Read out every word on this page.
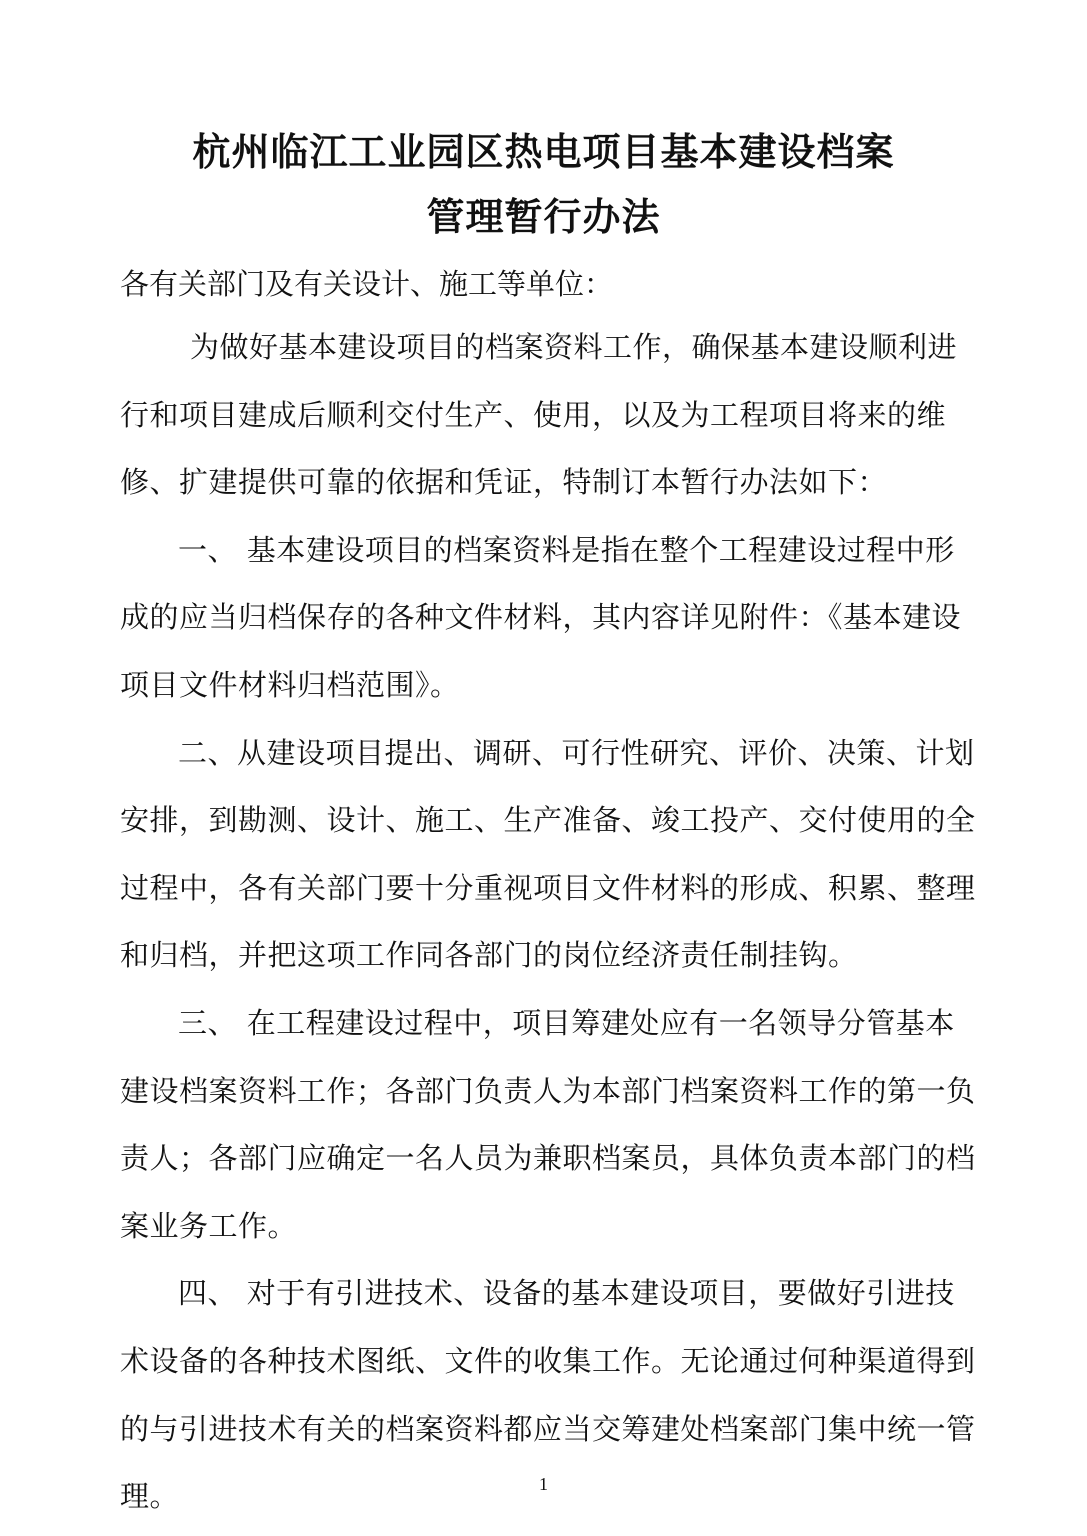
杭州临江工业园区热电项目基本建设档案
管理暂行办法
各有关部门及有关设计、施工等单位：

为做好基本建设项目的档案资料工作，确保基本建设顺利进行和项目建成后顺利交付生产、使用，以及为工程项目将来的维修、扩建提供可靠的依据和凭证，特制订本暂行办法如下：

一、 基本建设项目的档案资料是指在整个工程建设过程中形成的应当归档保存的各种文件材料，其内容详见附件：《基本建设项目文件材料归档范围》。

二、从建设项目提出、调研、可行性研究、评价、决策、计划安排，到勘测、设计、施工、生产准备、竣工投产、交付使用的全过程中，各有关部门要十分重视项目文件材料的形成、积累、整理和归档，并把这项工作同各部门的岗位经济责任制挂钩。

三、 在工程建设过程中，项目筹建处应有一名领导分管基本建设档案资料工作；各部门负责人为本部门档案资料工作的第一负责人；各部门应确定一名人员为兼职档案员，具体负责本部门的档案业务工作。

四、 对于有引进技术、设备的基本建设项目，要做好引进技术设备的各种技术图纸、文件的收集工作。无论通过何种渠道得到的与引进技术有关的档案资料都应当交筹建处档案部门集中统一管理。	1
